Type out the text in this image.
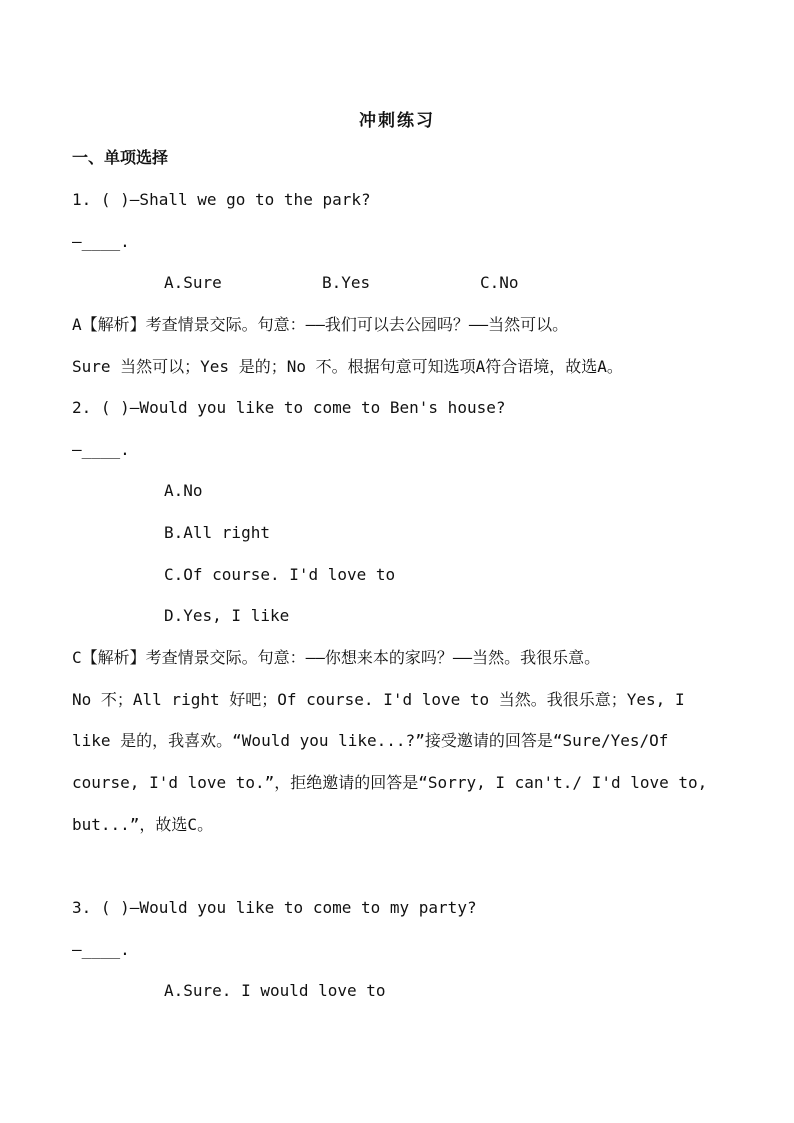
冲刺练习
一、单项选择
1. ( )—Shall we go to the park?
—____.
A.Sure	B.Yes	C.No
A【解析】考查情景交际。句意：——我们可以去公园吗？——当然可以。
Sure 当然可以；Yes 是的；No 不。根据句意可知选项A符合语境，故选A。
2. ( )—Would you like to come to Ben's house?
—____.
A.No
B.All right
C.Of course. I'd love to
D.Yes, I like
C【解析】考查情景交际。句意：——你想来本的家吗？——当然。我很乐意。
No 不；All right 好吧；Of course. I'd love to 当然。我很乐意；Yes, I
like 是的，我喜欢。“Would you like...?”接受邀请的回答是“Sure/Yes/Of
course, I'd love to.”，拒绝邀请的回答是“Sorry, I can't./ I'd love to,
but...”，故选C。
3. ( )—Would you like to come to my party?
—____.
A.Sure. I would love to
